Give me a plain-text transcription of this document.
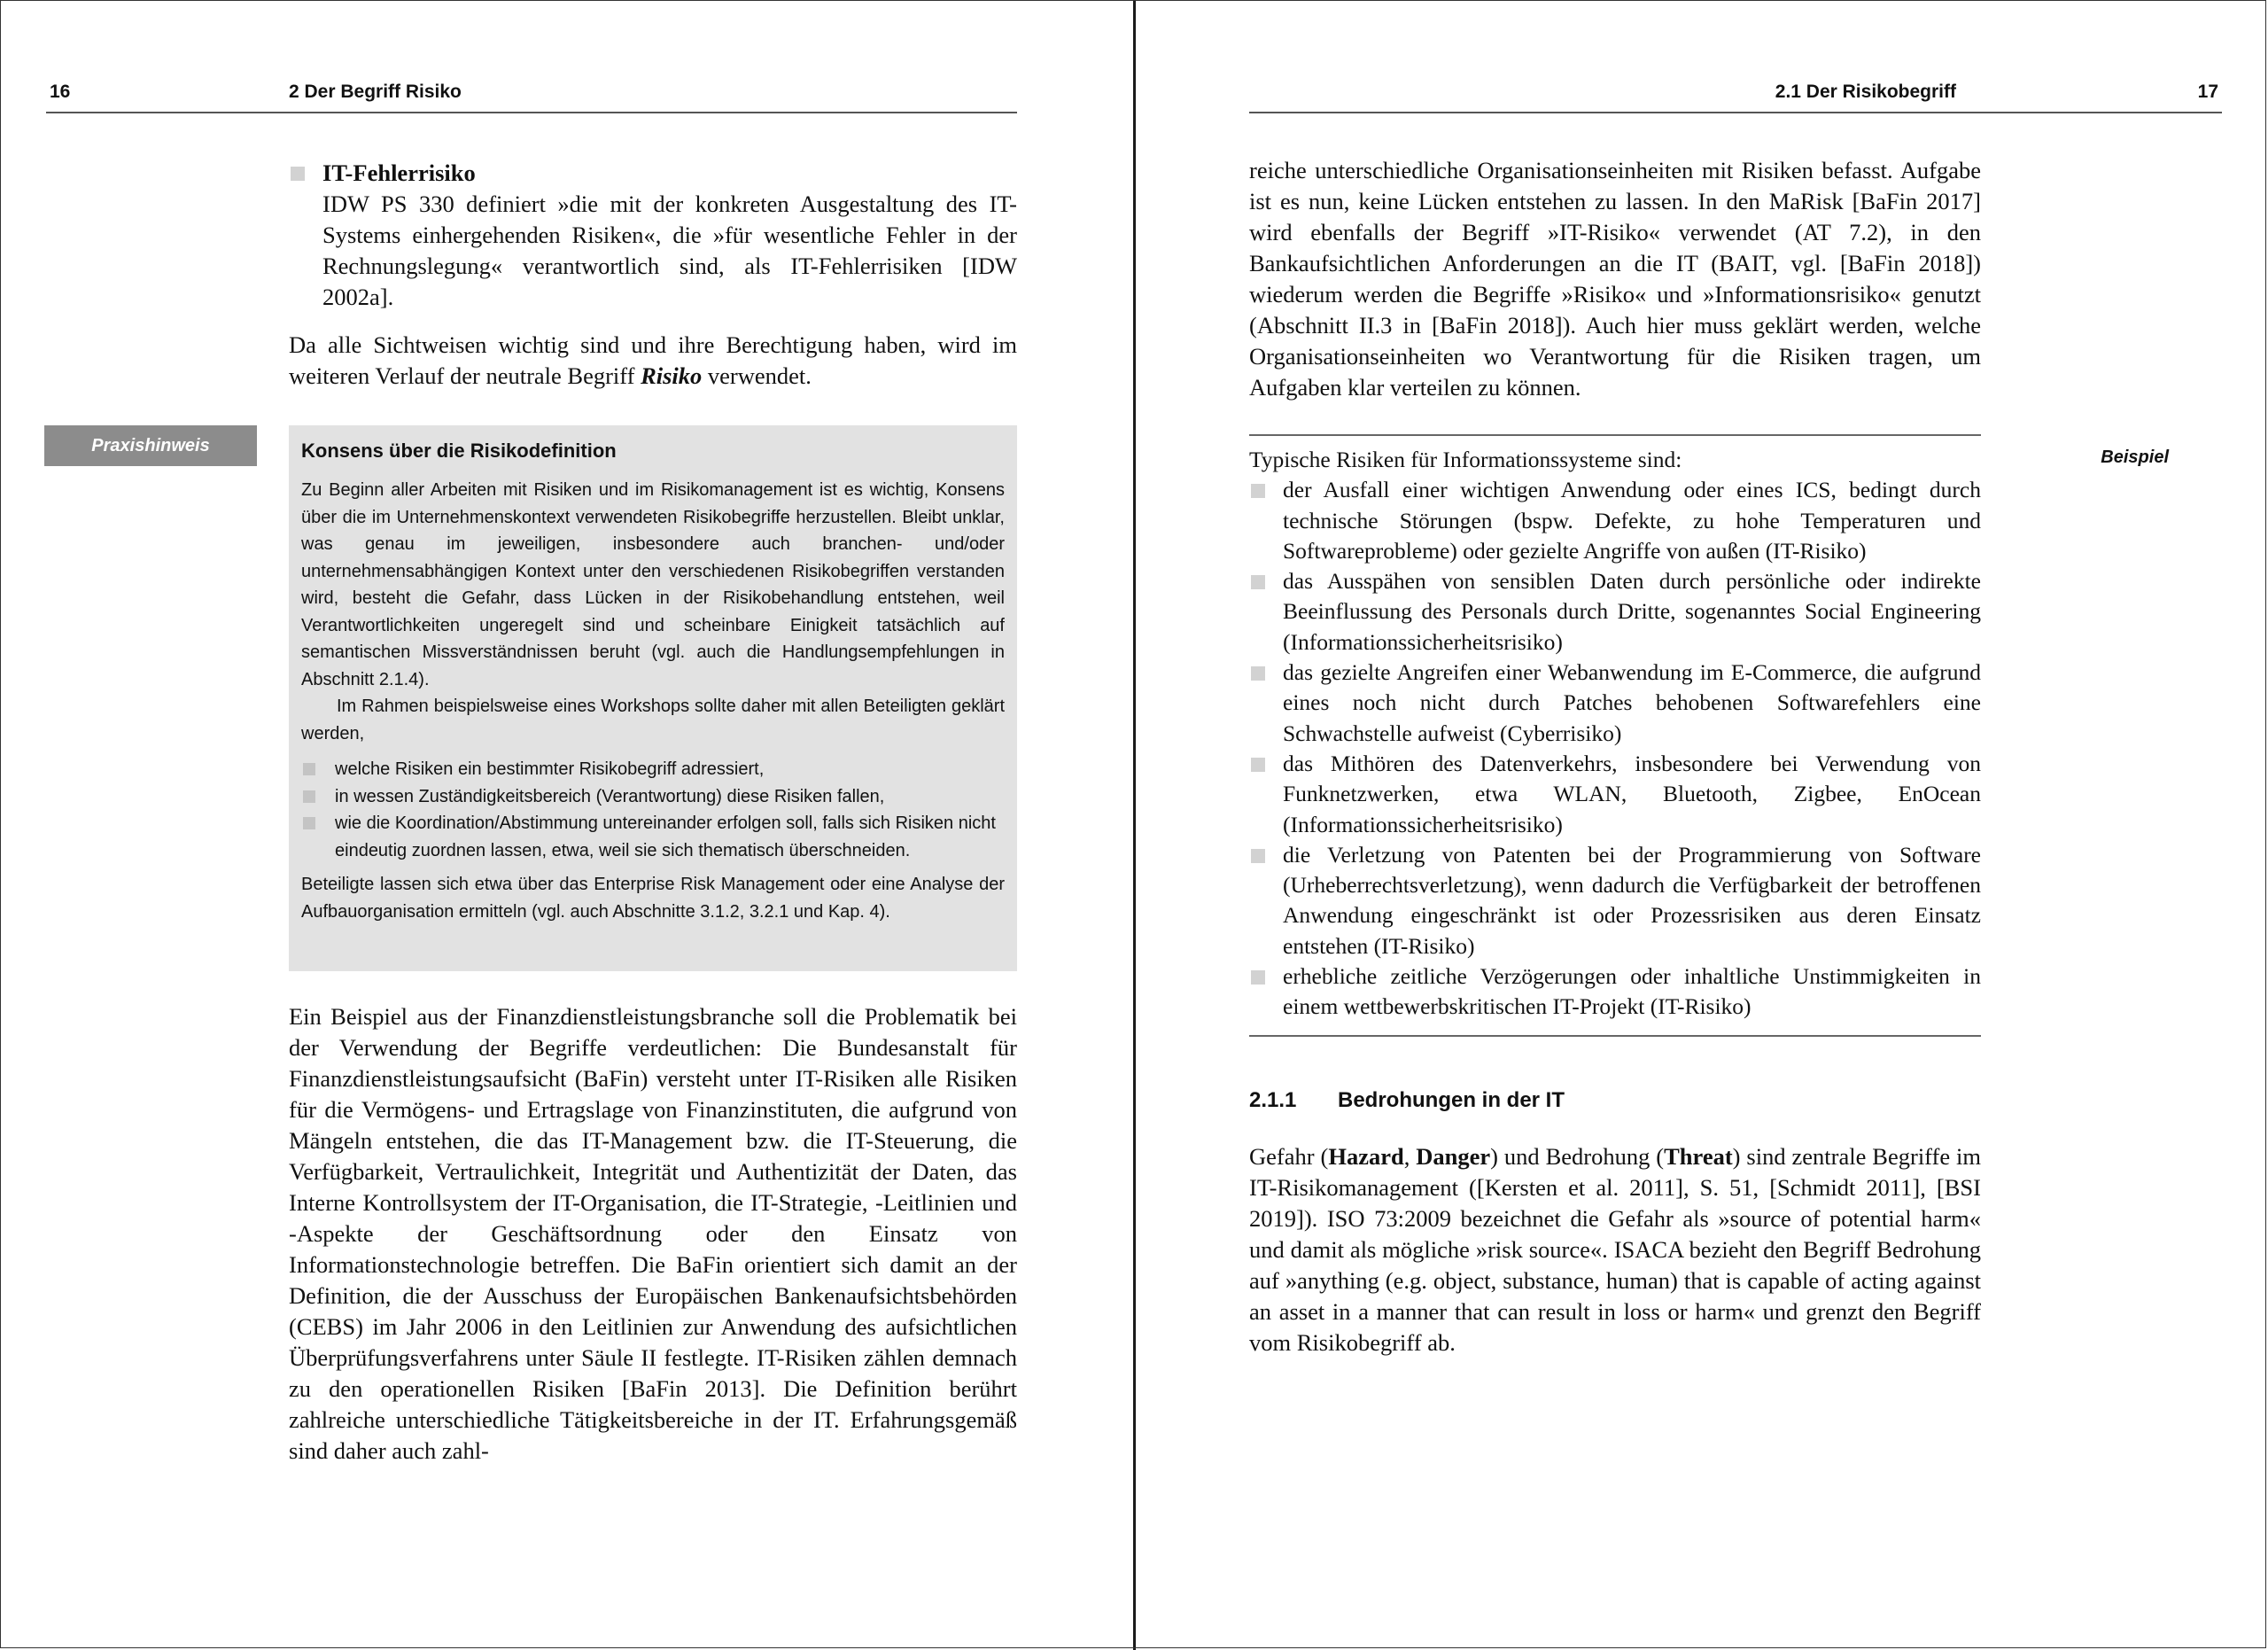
16	2 Der Begriff Risiko
IT-Fehlerrisiko
IDW PS 330 definiert »die mit der konkreten Ausgestaltung des IT-Systems einhergehenden Risiken«, die »für wesentliche Fehler in der Rechnungslegung« verantwortlich sind, als IT-Fehlerrisiken [IDW 2002a].

Da alle Sichtweisen wichtig sind und ihre Berechtigung haben, wird im weiteren Verlauf der neutrale Begriff Risiko verwendet.

Praxishinweis	Konsens über die Risikodefinition

Zu Beginn aller Arbeiten mit Risiken und im Risikomanagement ist es wichtig, Konsens über die im Unternehmenskontext verwendeten Risikobegriffe herzustellen. Bleibt unklar, was genau im jeweiligen, insbesondere auch branchen- und/oder unternehmensabhängigen Kontext unter den verschiedenen Risikobegriffen verstanden wird, besteht die Gefahr, dass Lücken in der Risikobehandlung entstehen, weil Verantwortlichkeiten ungeregelt sind und scheinbare Einigkeit tatsächlich auf semantischen Missverständnissen beruht (vgl. auch die Handlungsempfehlungen in Abschnitt 2.1.4).

Im Rahmen beispielsweise eines Workshops sollte daher mit allen Beteiligten geklärt werden,

welche Risiken ein bestimmter Risikobegriff adressiert,
in wessen Zuständigkeitsbereich (Verantwortung) diese Risiken fallen,
wie die Koordination/Abstimmung untereinander erfolgen soll, falls sich Risiken nicht eindeutig zuordnen lassen, etwa, weil sie sich thematisch überschneiden.

Beteiligte lassen sich etwa über das Enterprise Risk Management oder eine Analyse der Aufbauorganisation ermitteln (vgl. auch Abschnitte 3.1.2, 3.2.1 und Kap. 4).

Ein Beispiel aus der Finanzdienstleistungsbranche soll die Problematik bei der Verwendung der Begriffe verdeutlichen: Die Bundesanstalt für Finanzdienstleistungsaufsicht (BaFin) versteht unter IT-Risiken alle Risiken für die Vermögens- und Ertragslage von Finanzinstituten, die aufgrund von Mängeln entstehen, die das IT-Management bzw. die IT-Steuerung, die Verfügbarkeit, Vertraulichkeit, Integrität und Authentizität der Daten, das Interne Kontrollsystem der IT-Organisation, die IT-Strategie, -Leitlinien und -Aspekte der Geschäftsordnung oder den Einsatz von Informationstechnologie betreffen. Die BaFin orientiert sich damit an der Definition, die der Ausschuss der Europäischen Bankenaufsichtsbehörden (CEBS) im Jahr 2006 in den Leitlinien zur Anwendung des aufsichtlichen Überprüfungsverfahrens unter Säule II festlegte. IT-Risiken zählen demnach zu den operationellen Risiken [BaFin 2013]. Die Definition berührt zahlreiche unterschiedliche Tätigkeitsbereiche in der IT. Erfahrungsgemäß sind daher auch zahl-

2.1 Der Risikobegriff	17

reiche unterschiedliche Organisationseinheiten mit Risiken befasst. Aufgabe ist es nun, keine Lücken entstehen zu lassen. In den MaRisk [BaFin 2017] wird ebenfalls der Begriff »IT-Risiko« verwendet (AT 7.2), in den Bankaufsichtlichen Anforderungen an die IT (BAIT, vgl. [BaFin 2018]) wiederum werden die Begriffe »Risiko« und »Informationsrisiko« genutzt (Abschnitt II.3 in [BaFin 2018]). Auch hier muss geklärt werden, welche Organisationseinheiten wo Verantwortung für die Risiken tragen, um Aufgaben klar verteilen zu können.

Beispiel

Typische Risiken für Informationssysteme sind:

der Ausfall einer wichtigen Anwendung oder eines ICS, bedingt durch technische Störungen (bspw. Defekte, zu hohe Temperaturen und Softwareprobleme) oder gezielte Angriffe von außen (IT-Risiko)
das Ausspähen von sensiblen Daten durch persönliche oder indirekte Beeinflussung des Personals durch Dritte, sogenanntes Social Engineering (Informationssicherheitsrisiko)
das gezielte Angreifen einer Webanwendung im E-Commerce, die aufgrund eines noch nicht durch Patches behobenen Softwarefehlers eine Schwachstelle aufweist (Cyberrisiko)
das Mithören des Datenverkehrs, insbesondere bei Verwendung von Funknetzwerken, etwa WLAN, Bluetooth, Zigbee, EnOcean (Informationssicherheitsrisiko)
die Verletzung von Patenten bei der Programmierung von Software (Urheberrechtsverletzung), wenn dadurch die Verfügbarkeit der betroffenen Anwendung eingeschränkt ist oder Prozessrisiken aus deren Einsatz entstehen (IT-Risiko)
erhebliche zeitliche Verzögerungen oder inhaltliche Unstimmigkeiten in einem wettbewerbskritischen IT-Projekt (IT-Risiko)
2.1.1 Bedrohungen in der IT

Gefahr (Hazard, Danger) und Bedrohung (Threat) sind zentrale Begriffe im IT-Risikomanagement ([Kersten et al. 2011], S. 51, [Schmidt 2011], [BSI 2019]). ISO 73:2009 bezeichnet die Gefahr als »source of potential harm« und damit als mögliche »risk source«. ISACA bezieht den Begriff Bedrohung auf »anything (e.g. object, substance, human) that is capable of acting against an asset in a manner that can result in loss or harm« und grenzt den Begriff vom Risikobegriff ab.
